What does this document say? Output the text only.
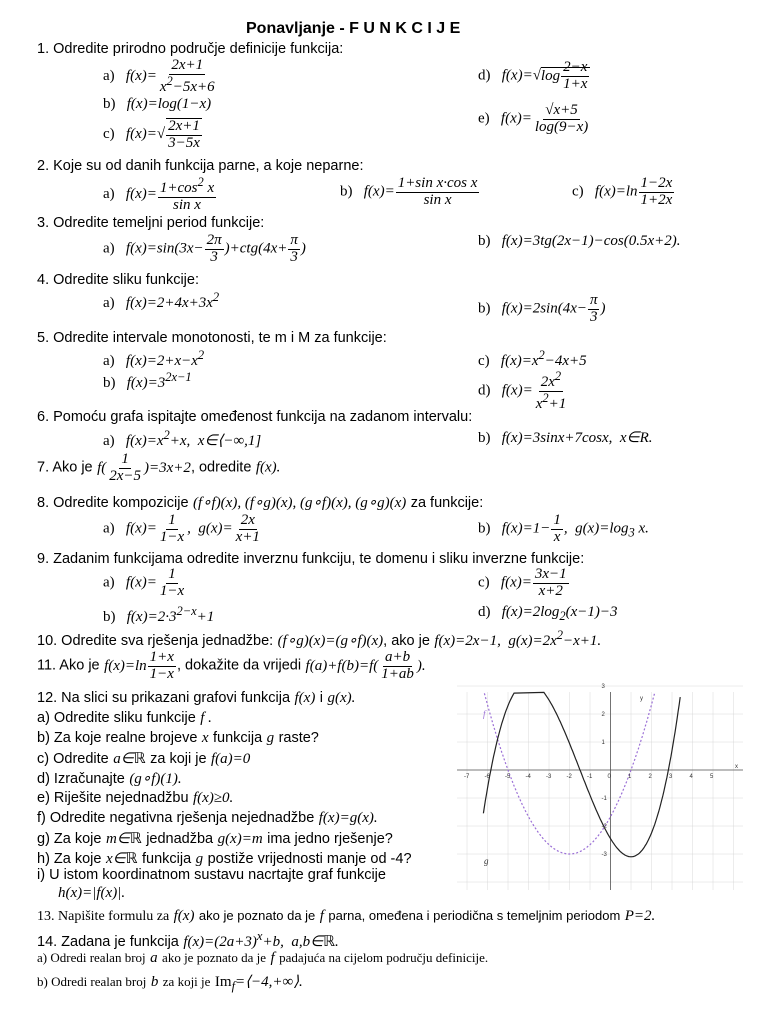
Ponavljanje - F U N K C I J E
1. Odredite prirodno područje definicije funkcija:
a)   $f(x)= \frac{2x+1}{x^2-5x+6}$
b)   f(x)=log(1−x)
c)   $f(x)=√ \frac{2x+1}{3-5x}$
d)   $f(x)=√\log \frac{2-x}{1+x}$
e)   $f(x)= \frac{√x+5}{\log(9-x)}$
2. Koje su od danih funkcija parne, a koje neparne:
a)   $f(x)= \frac{1+\cos^2 x}{\text{sin x}}$	b)   $f(x)= \frac{\text{1+sin x·cos x}}{\text{sin x}}$	c)   $f(x)=\ln \frac{1-2x}{1+2x}$
3. Odredite temeljni period funkcije:
a)   $f(x)=\sin(3x- \frac{2\pi}{3} )+ctg(4x+ \frac{\pi}{3}$ )	b)   f(x)=3tg(2x−1)−cos(0.5x+2).
4. Odredite sliku funkcije:
a)   $f(x)=2+4x+3x^2$
b)   $f(x)=2\sin(4x- \frac{\pi}{3}$ )
5. Odredite intervale monotonosti, te m i M za funkcije:
a)   $f(x)=2+x-x^2$
b)   $f(x)=3^{2x-1}$
c)   $f(x)=x^2-4x+5$
d)   $f(x)= \frac{2x^2}{x^2+1}$
6. Pomoću grafa ispitajte omeđenost funkcija na zadanom intervalu:
a)   $f(x)=x^2+x$,  x∈⟨−∞,1]	b)   f(x)=3sinx+7cosx,  x∈R.
7. Ako je $f( \frac{1}{2x-5} )=3x+2$, odredite f(x).
8. Odredite kompozicije (f∘f)(x), (f∘g)(x), (g∘f)(x), (g∘g)(x) za funkcije:
a)   $f(x)= \frac{1}{1-x}$ ,  $g(x)= \frac{2x}{x+1}$	b)   $f(x)=1- \frac{1}{x}$ ,  $g(x)=\log_3$ x.
9. Zadanim funkcijama odredite inverznu funkciju, te domenu i sliku inverzne funkcije:
a)   $f(x)= \frac{1}{1-x}$
b)   $f(x)=2\cdot 3^{2-x}+1$
c)   $f(x)= \frac{3x-1}{x+2}$
d)   $f(x)=2\log_2(x-1)-3$
10. Odredite sva rješenja jednadžbe: (f∘g)(x)=(g∘f)(x), ako je f(x)=2x−1,  $g(x)=2x^2-x+1$.
11. Ako je $f(x)=\ln \frac{1+x}{1-x}$ , dokažite da vrijedi $f(a)+f(b)=f( \frac{a+b}{1+ab}$ ).
12. Na slici su prikazani grafovi funkcija f(x) i g(x).
a) Odredite sliku funkcije f .
b) Za koje realne brojeve x funkcija g raste?
c) Odredite a∈ℝ za koji je f(a)=0
d) Izračunajte (g∘f)(1).
e) Riješite nejednadžbu f(x)≥0.
f) Odredite negativna rješenja nejednadžbe f(x)=g(x).
g) Za koje m∈ℝ jednadžba g(x)=m ima jedno rješenje?
h) Za koje x∈ℝ funkcija g postiže vrijednosti manje od -4?
i) U istom koordinatnom sustavu nacrtajte graf funkcije
h(x)=|f(x)|.
-7	-6	-5	-4	-3	-2	-1	0	1	2	3	4	5
3
2
1
-1
-2
-3
f
g
x
y
13. Napišite formulu za f(x) ako je poznato da je f parna, omeđena i periodična s temeljnim periodom P=2.
14. Zadana je funkcija $f(x)=(2a+3)^x+b$,  a,b∈ℝ.
a) Odredi realan broj a ako je poznato da je f padajuća na cijelom području definicije.
b) Odredi realan broj b za koji je $Im_f=⟨-4,+\infty⟩$.
